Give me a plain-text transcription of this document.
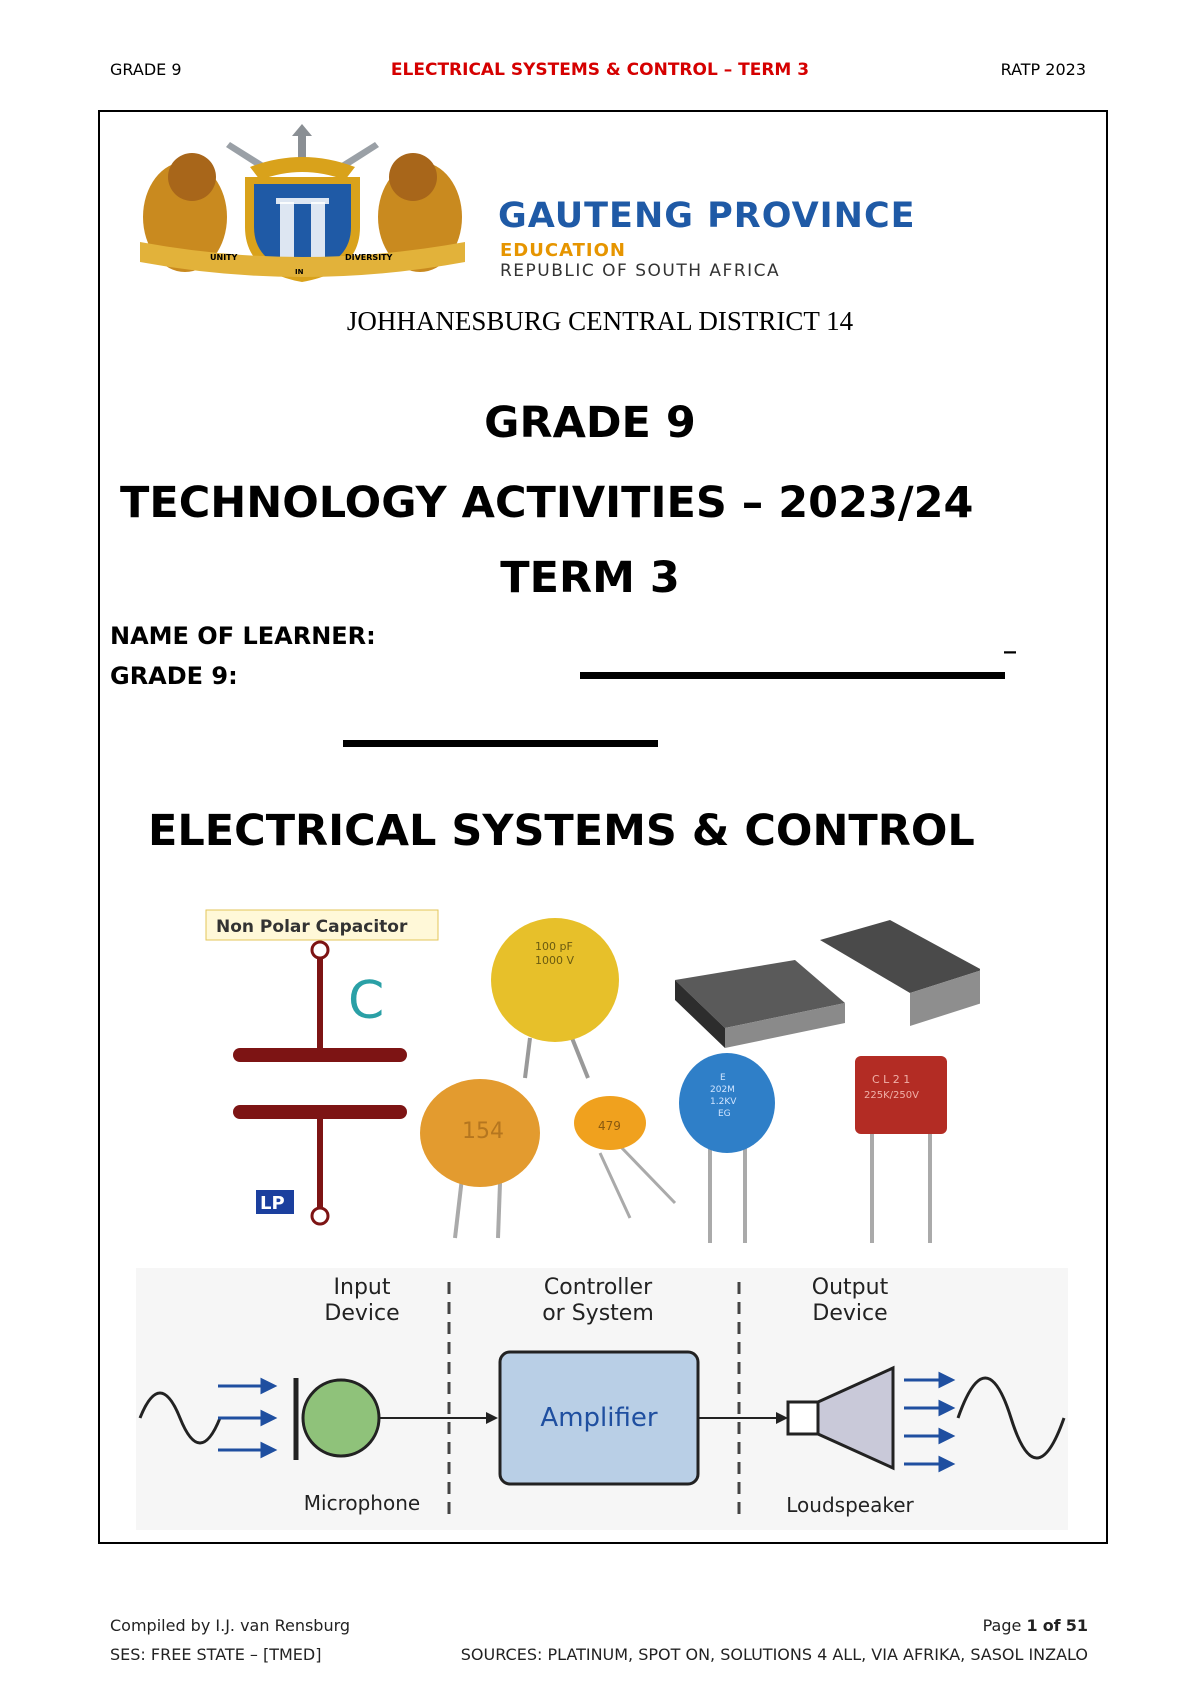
GRADE 9	ELECTRICAL SYSTEMS & CONTROL – TERM 3	RATP 2023
UNITY
IN
DIVERSITY
GAUTENG PROVINCE
EDUCATION
REPUBLIC OF SOUTH AFRICA
JOHHANESBURG CENTRAL DISTRICT 14
GRADE 9
TECHNOLOGY ACTIVITIES – 2023/24
TERM 3
NAME OF LEARNER:	_
GRADE 9:
ELECTRICAL SYSTEMS & CONTROL
Non Polar Capacitor
C
LP
100 pF
1000 V
154	479
E
202M
1.2KV
EG
C L 2 1
225K/250V
Input
Device
Controller
or System
Output
Device
Microphone
Amplifier
Loudspeaker
Compiled by I.J. van Rensburg	Page 1 of 51
SES: FREE STATE – [TMED]	SOURCES: PLATINUM, SPOT ON, SOLUTIONS 4 ALL, VIA AFRIKA, SASOL INZALO
